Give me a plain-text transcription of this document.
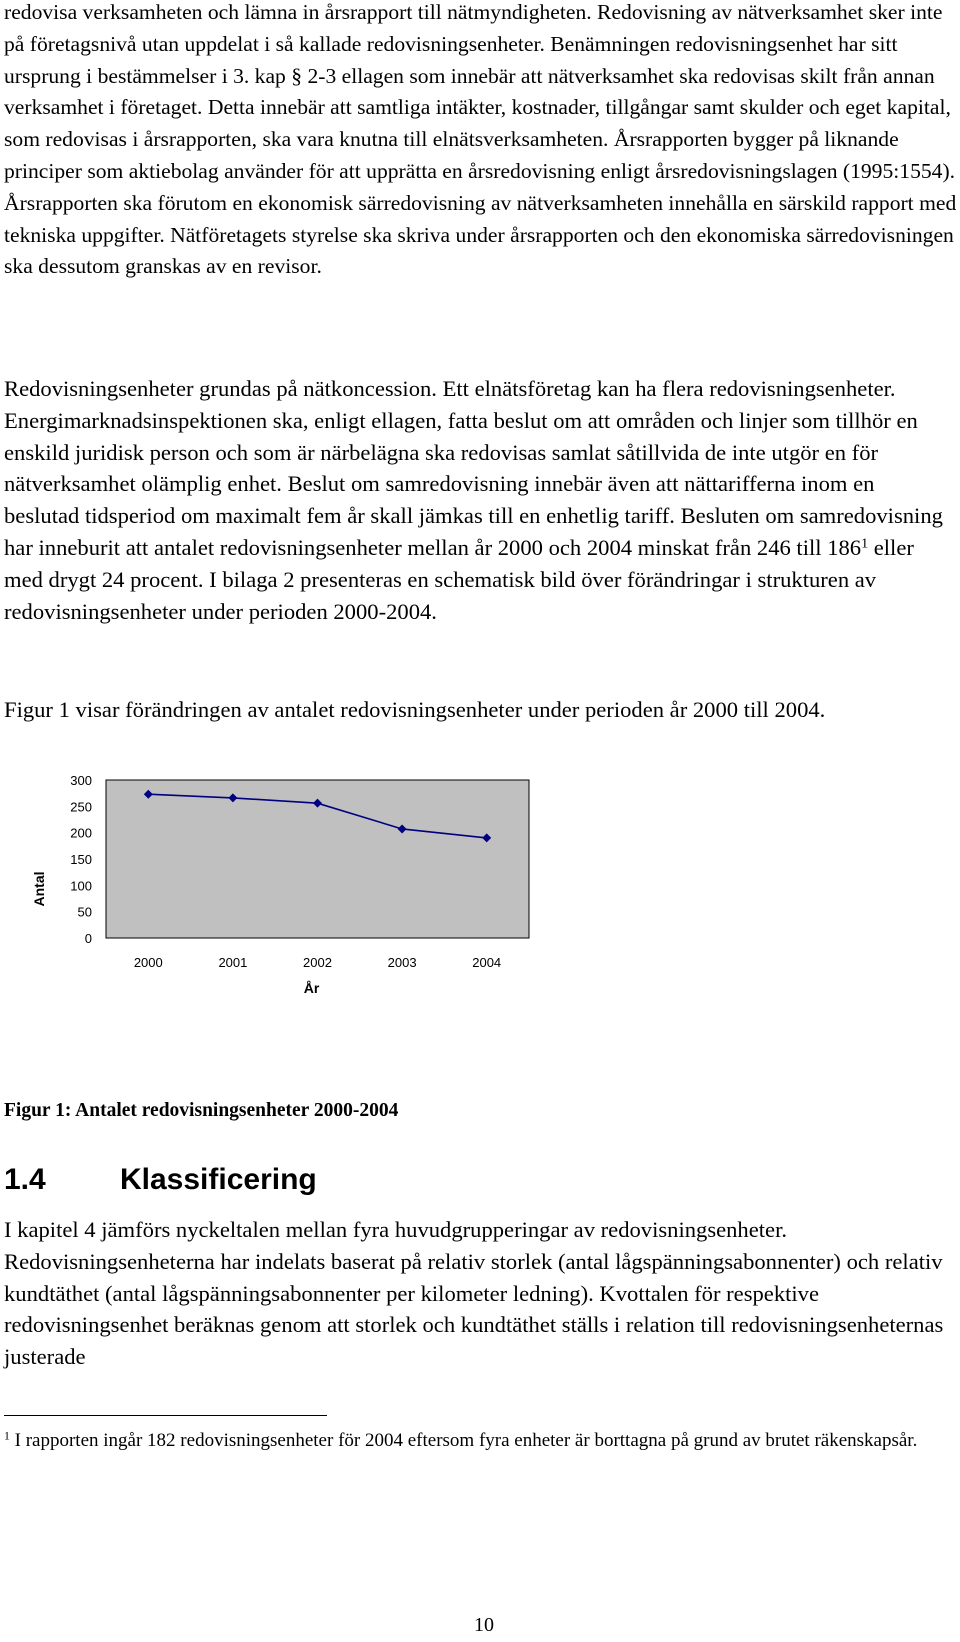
redovisa verksamheten och lämna in årsrapport till nätmyndigheten. Redovisning av nätverksamhet sker inte på företagsnivå utan uppdelat i så kallade redovisningsenheter. Benämningen redovisningsenhet har sitt ursprung i bestämmelser i 3. kap § 2-3 ellagen som innebär att nätverksamhet ska redovisas skilt från annan verksamhet i företaget. Detta innebär att samtliga intäkter, kostnader, tillgångar samt skulder och eget kapital, som redovisas i årsrapporten, ska vara knutna till elnätsverksamheten. Årsrapporten bygger på liknande principer som aktiebolag använder för att upprätta en årsredovisning enligt årsredovisningslagen (1995:1554). Årsrapporten ska förutom en ekonomisk särredovisning av nätverksamheten innehålla en särskild rapport med tekniska uppgifter. Nätföretagets styrelse ska skriva under årsrapporten och den ekonomiska särredovisningen ska dessutom granskas av en revisor.

Redovisningsenheter grundas på nätkoncession. Ett elnätsföretag kan ha flera redovisningsenheter. Energimarknadsinspektionen ska, enligt ellagen, fatta beslut om att områden och linjer som tillhör en enskild juridisk person och som är närbelägna ska redovisas samlat såtillvida de inte utgör en för nätverksamhet olämplig enhet. Beslut om samredovisning innebär även att nättarifferna inom en beslutad tidsperiod om maximalt fem år skall jämkas till en enhetlig tariff. Besluten om samredovisning har inneburit att antalet redovisningsenheter mellan år 2000 och 2004 minskat från 246 till $186^1$ eller med drygt 24 procent. I bilaga 2 presenteras en schematisk bild över förändringar i strukturen av redovisningsenheter under perioden 2000-2004.

Figur 1 visar förändringen av antalet redovisningsenheter under perioden år 2000 till 2004.

0
50
100
150
200
250
300
2000	2001	2002	2003	2004
Antal
År

Figur 1: Antalet redovisningsenheter 2000-2004

1.4 Klassificering

I kapitel 4 jämförs nyckeltalen mellan fyra huvudgrupperingar av redovisningsenheter. Redovisningsenheterna har indelats baserat på relativ storlek (antal lågspänningsabonnenter) och relativ kundtäthet (antal lågspänningsabonnenter per kilometer ledning). Kvottalen för respektive redovisningsenhet beräknas genom att storlek och kundtäthet ställs i relation till redovisningsenheternas justerade

$^1$ I rapporten ingår 182 redovisningsenheter för 2004 eftersom fyra enheter är borttagna på grund av brutet räkenskapsår.

10
